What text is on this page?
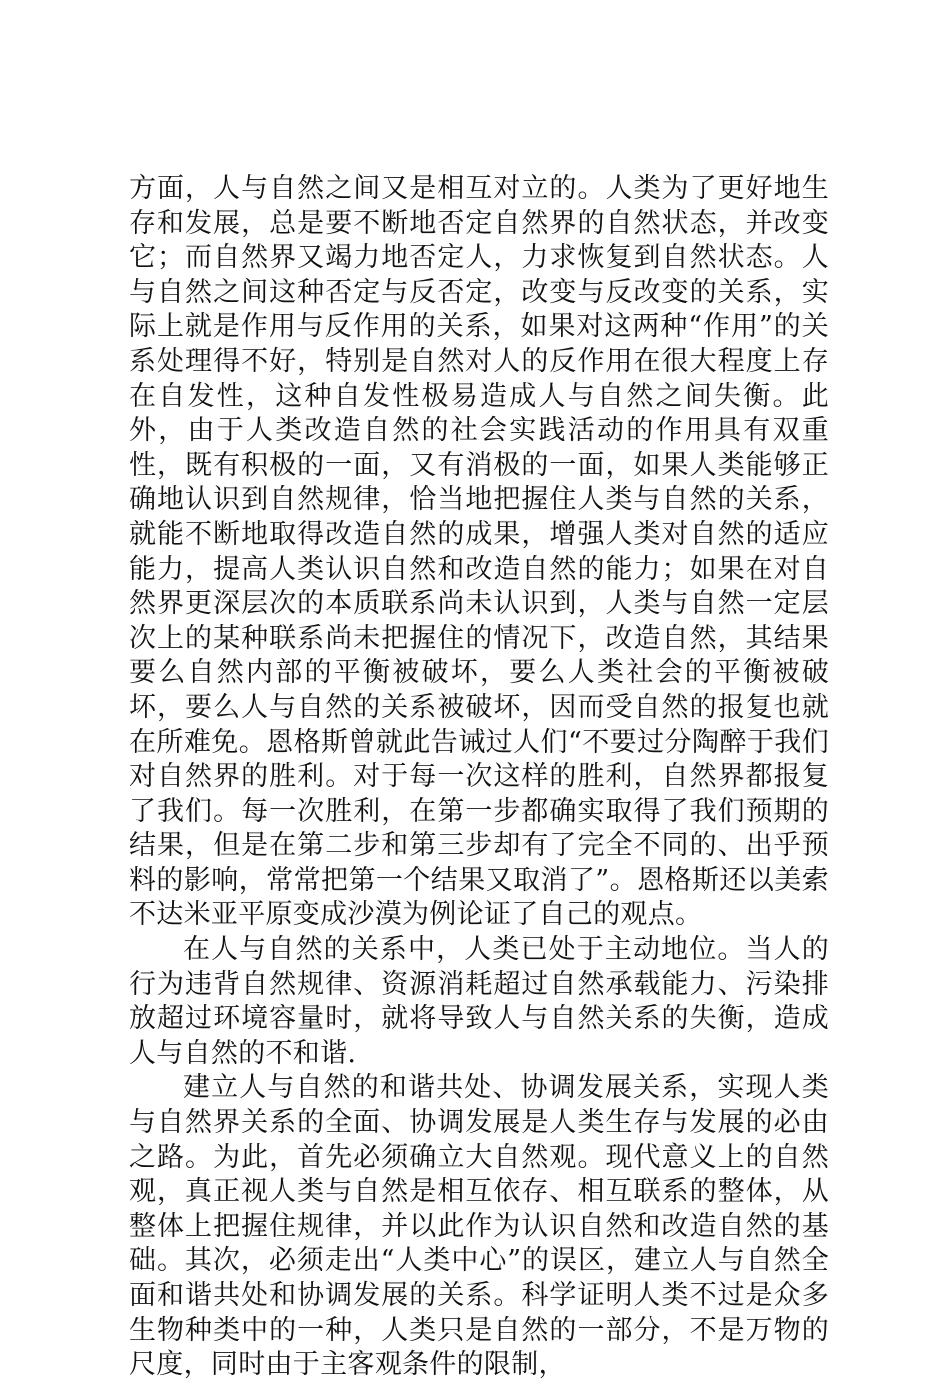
方面，人与自然之间又是相互对立的。人类为了更好地生存和发展，总是要不断地否定自然界的自然状态，并改变它；而自然界又竭力地否定人，力求恢复到自然状态。人与自然之间这种否定与反否定，改变与反改变的关系，实际上就是作用与反作用的关系，如果对这两种“作用”的关系处理得不好，特别是自然对人的反作用在很大程度上存在自发性，这种自发性极易造成人与自然之间失衡。此外，由于人类改造自然的社会实践活动的作用具有双重性，既有积极的一面，又有消极的一面，如果人类能够正确地认识到自然规律，恰当地把握住人类与自然的关系，就能不断地取得改造自然的成果，增强人类对自然的适应能力，提高人类认识自然和改造自然的能力；如果在对自然界更深层次的本质联系尚未认识到，人类与自然一定层次上的某种联系尚未把握住的情况下，改造自然，其结果要么自然内部的平衡被破坏，要么人类社会的平衡被破坏，要么人与自然的关系被破坏，因而受自然的报复也就在所难免。恩格斯曾就此告诫过人们“不要过分陶醉于我们对自然界的胜利。对于每一次这样的胜利，自然界都报复了我们。每一次胜利，在第一步都确实取得了我们预期的结果，但是在第二步和第三步却有了完全不同的、出乎预料的影响，常常把第一个结果又取消了”。恩格斯还以美索不达米亚平原变成沙漠为例论证了自己的观点。

在人与自然的关系中，人类已处于主动地位。当人的行为违背自然规律、资源消耗超过自然承载能力、污染排放超过环境容量时，就将导致人与自然关系的失衡，造成人与自然的不和谐.

建立人与自然的和谐共处、协调发展关系，实现人类与自然界关系的全面、协调发展是人类生存与发展的必由之路。为此，首先必须确立大自然观。现代意义上的自然观，真正视人类与自然是相互依存、相互联系的整体，从整体上把握住规律，并以此作为认识自然和改造自然的基础。其次，必须走出“人类中心”的误区，建立人与自然全面和谐共处和协调发展的关系。科学证明人类不过是众多生物种类中的一种，人类只是自然的一部分，不是万物的尺度，同时由于主客观条件的限制，
